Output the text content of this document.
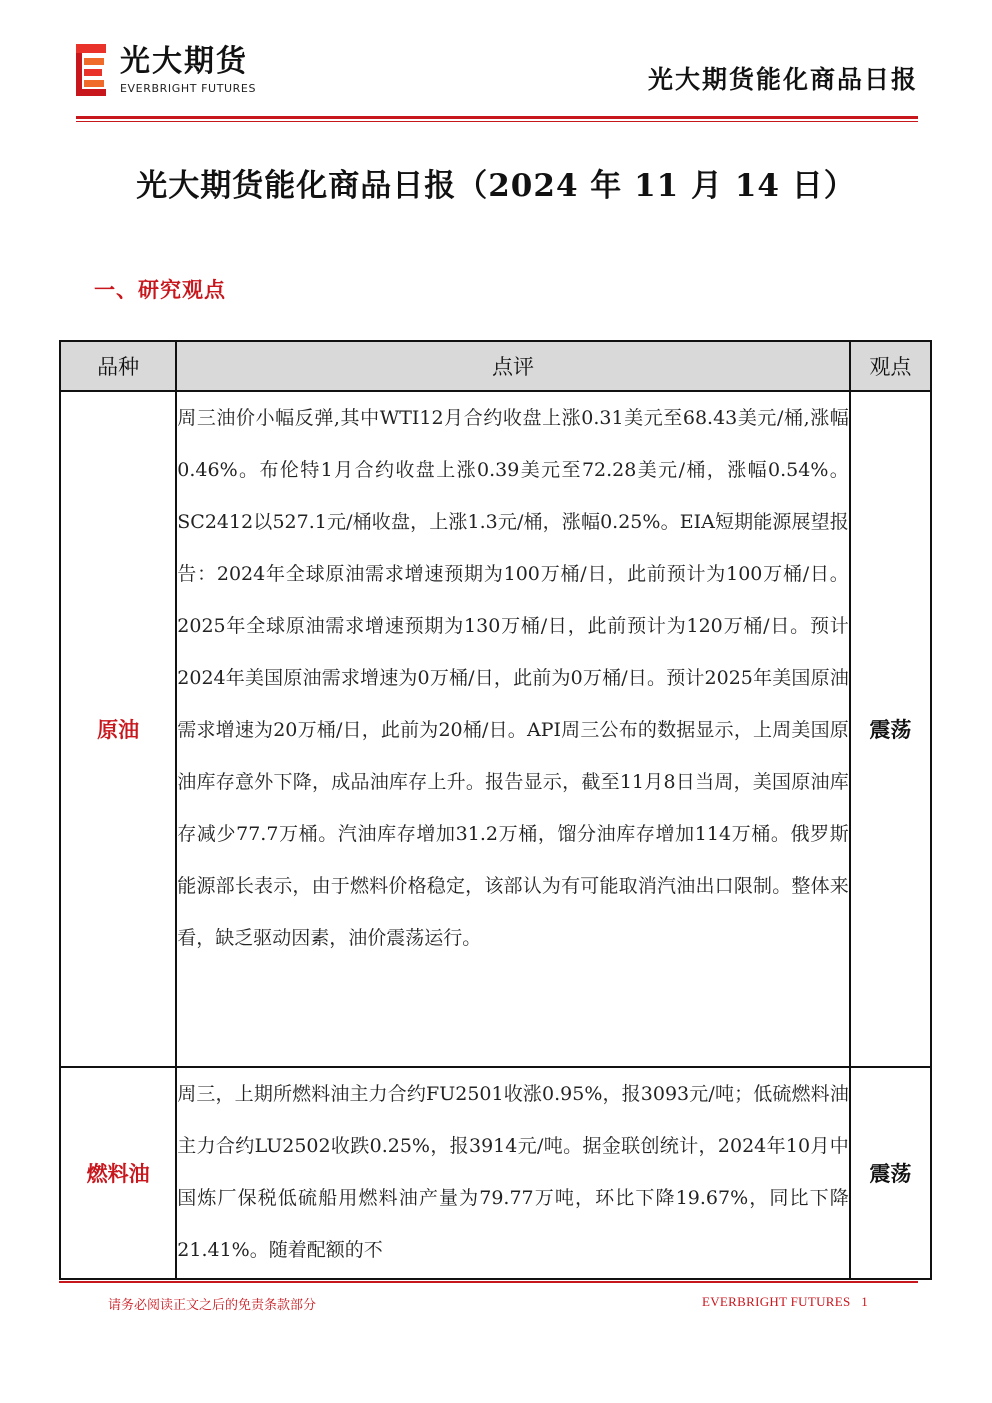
光大期货
EVERBRIGHT FUTURES	光大期货能化商品日报
光大期货能化商品日报（2024 年 11 月 14 日）
一、研究观点
品种	点评	观点
原油	周三油价小幅反弹,其中WTI12月合约收盘上涨0.31美元至68.43美元/桶,涨幅0.46%。布伦特1月合约收盘上涨0.39美元至72.28美元/桶，涨幅0.54%。SC2412以527.1元/桶收盘，上涨1.3元/桶，涨幅0.25%。EIA短期能源展望报告：2024年全球原油需求增速预期为100万桶/日，此前预计为100万桶/日。2025年全球原油需求增速预期为130万桶/日，此前预计为120万桶/日。预计2024年美国原油需求增速为0万桶/日，此前为0万桶/日。预计2025年美国原油需求增速为20万桶/日，此前为20桶/日。API周三公布的数据显示，上周美国原油库存意外下降，成品油库存上升。报告显示，截至11月8日当周，美国原油库存减少77.7万桶。汽油库存增加31.2万桶，馏分油库存增加114万桶。俄罗斯能源部长表示，由于燃料价格稳定，该部认为有可能取消汽油出口限制。整体来看，缺乏驱动因素，油价震荡运行。	震荡
燃料油	周三，上期所燃料油主力合约FU2501收涨0.95%，报3093元/吨；低硫燃料油主力合约LU2502收跌0.25%，报3914元/吨。据金联创统计，2024年10月中国炼厂保税低硫船用燃料油产量为79.77万吨，环比下降19.67%，同比下降21.41%。随着配额的不	震荡
请务必阅读正文之后的免责条款部分	EVERBRIGHT FUTURES 1
